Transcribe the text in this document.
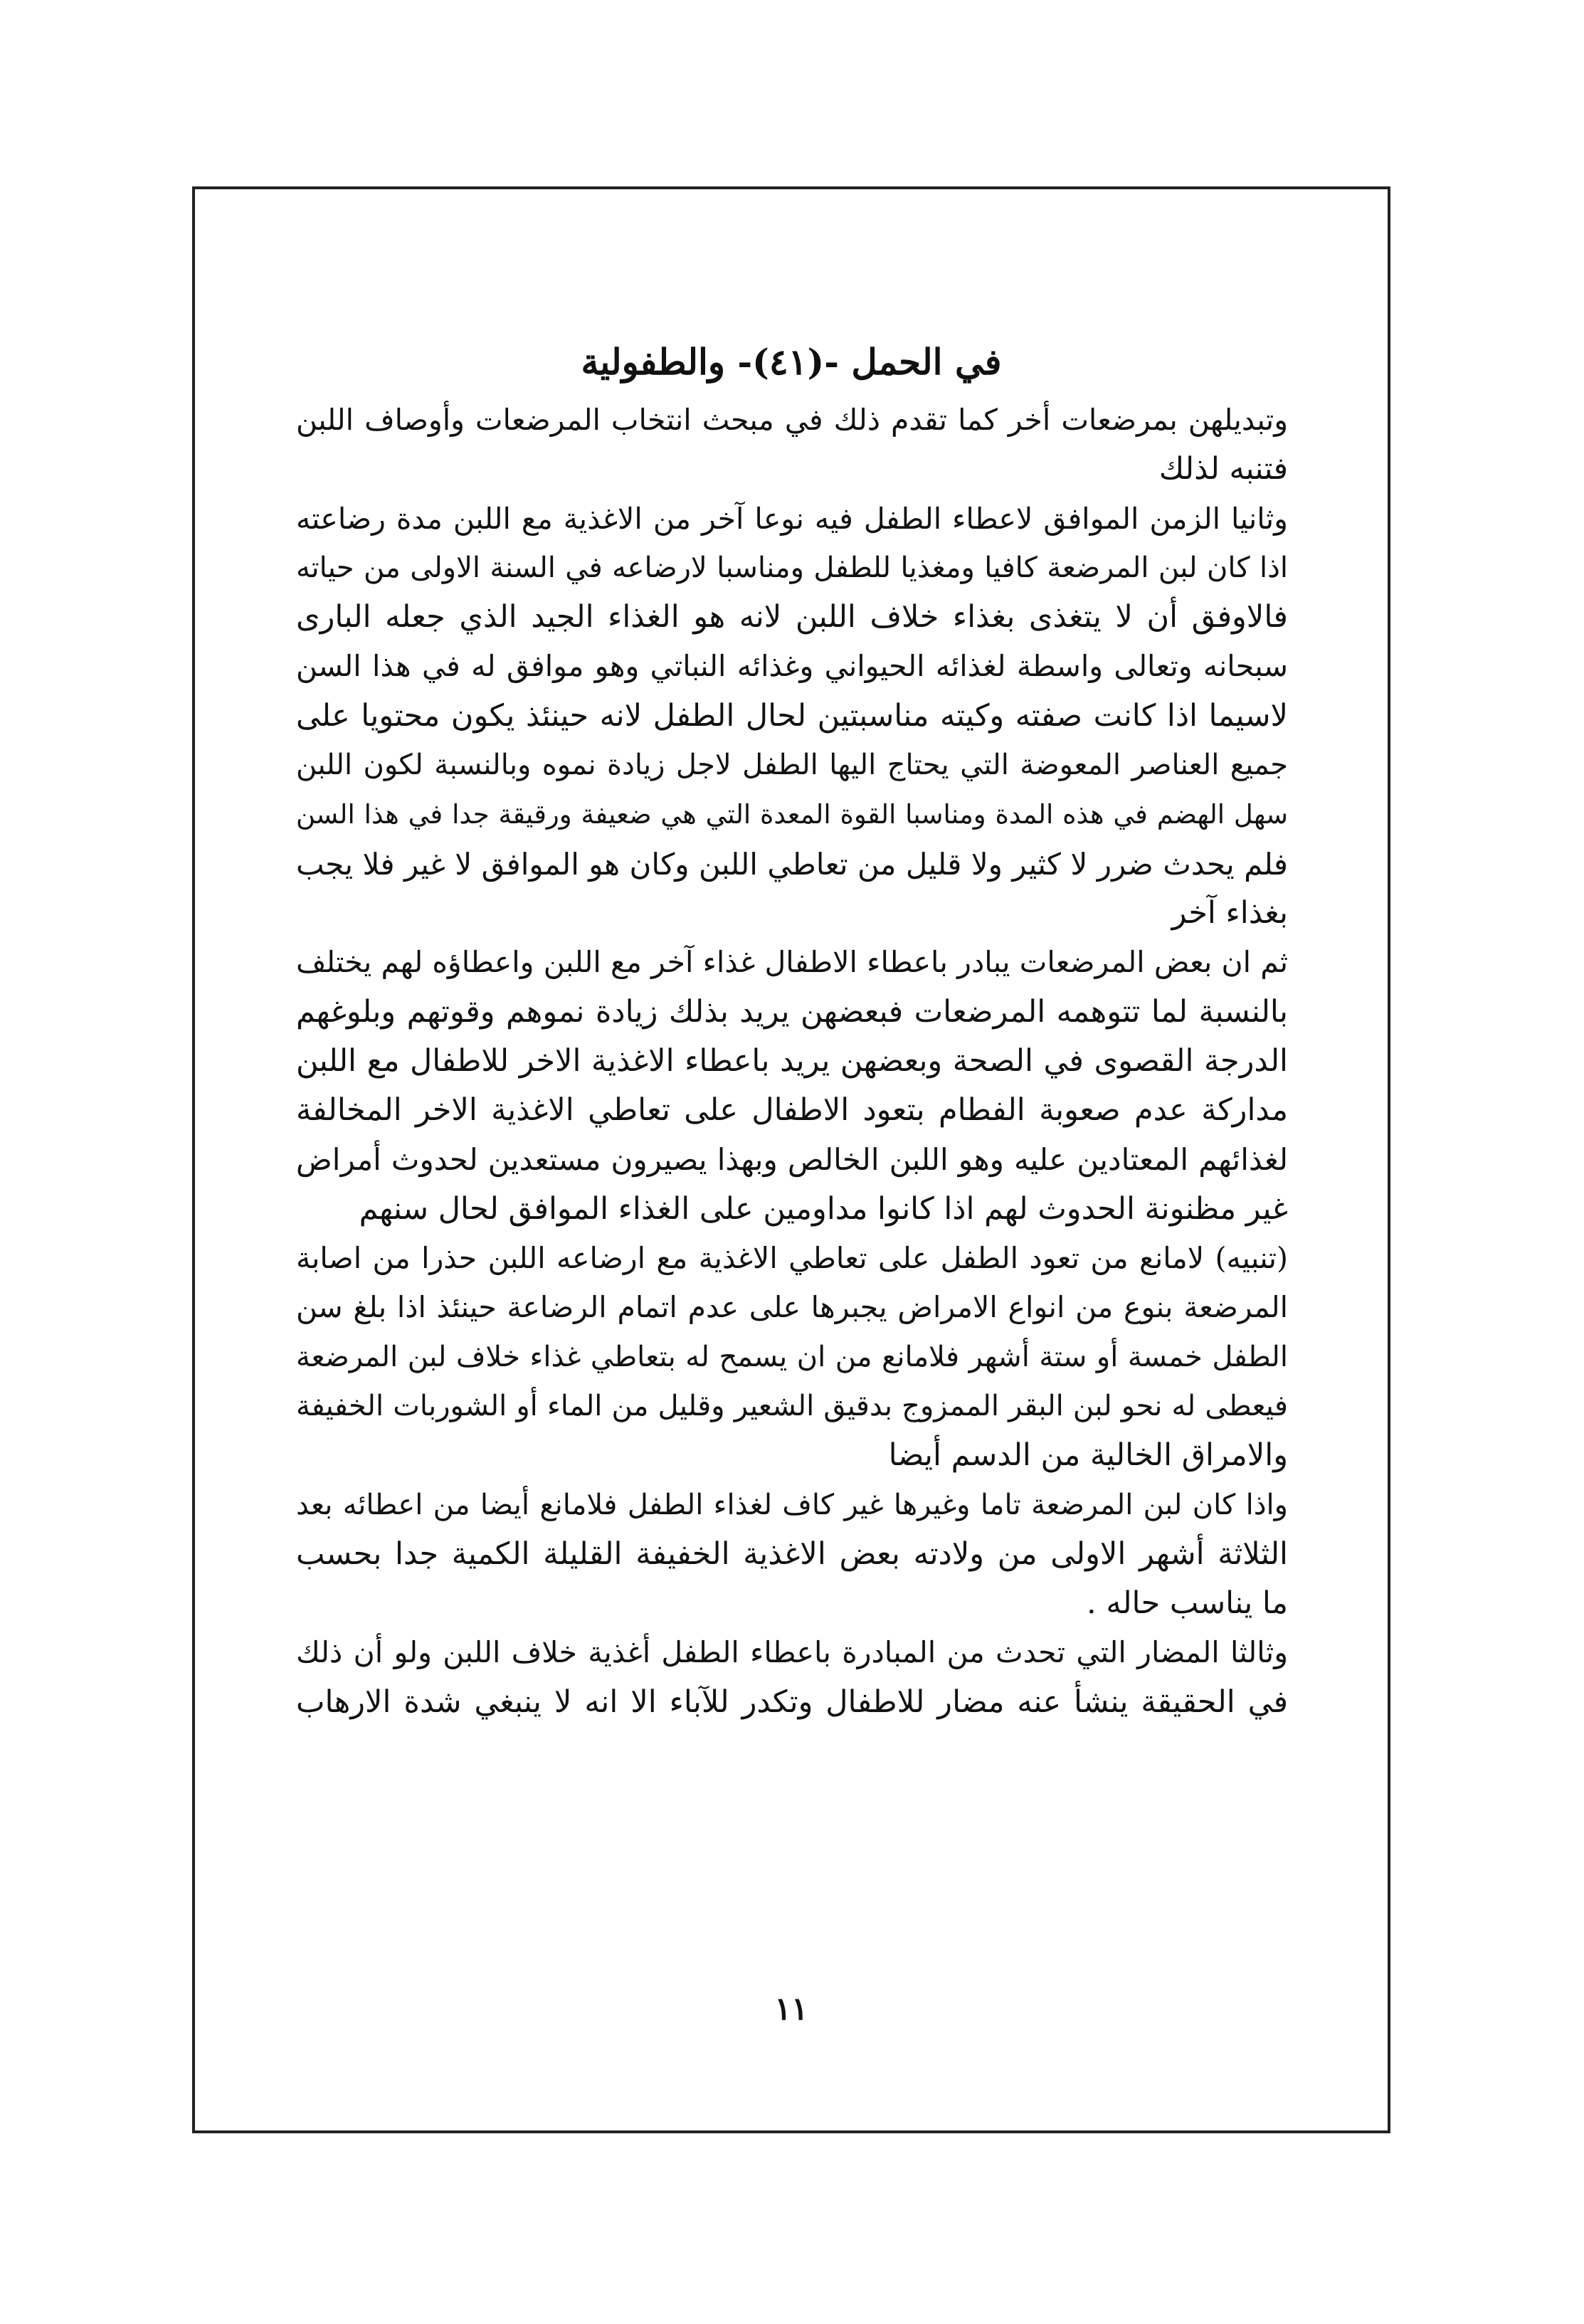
في الحمل -(٤١)- والطفولية
وتبديلهن بمرضعات أخر كما تقدم ذلك في مبحث انتخاب المرضعات وأوصاف اللبن
فتنبه لذلك
وثانيا الزمن الموافق لاعطاء الطفل فيه نوعا آخر من الاغذية مع اللبن مدة رضاعته
اذا كان لبن المرضعة كافيا ومغذيا للطفل ومناسبا لارضاعه في السنة الاولى من حياته
فالاوفق أن لا يتغذى بغذاء خلاف اللبن لانه هو الغذاء الجيد الذي جعله البارى
سبحانه وتعالى واسطة لغذائه الحيواني وغذائه النباتي وهو موافق له في هذا السن
لاسيما اذا كانت صفته وكيته مناسبتين لحال الطفل لانه حينئذ يكون محتويا على
جميع العناصر المعوضة التي يحتاج اليها الطفل لاجل زيادة نموه وبالنسبة لكون اللبن
سهل الهضم في هذه المدة ومناسبا القوة المعدة التي هي ضعيفة ورقيقة جدا في هذا السن
فلم يحدث ضرر لا كثير ولا قليل من تعاطي اللبن وكان هو الموافق لا غير فلا يجب
بغذاء آخر
ثم ان بعض المرضعات يبادر باعطاء الاطفال غذاء آخر مع اللبن واعطاؤه لهم يختلف
بالنسبة لما تتوهمه المرضعات فبعضهن يريد بذلك زيادة نموهم وقوتهم وبلوغهم
الدرجة القصوى في الصحة وبعضهن يريد باعطاء الاغذية الاخر للاطفال مع اللبن
مداركة عدم صعوبة الفطام بتعود الاطفال على تعاطي الاغذية الاخر المخالفة
لغذائهم المعتادين عليه وهو اللبن الخالص وبهذا يصيرون مستعدين لحدوث أمراض
غير مظنونة الحدوث لهم اذا كانوا مداومين على الغذاء الموافق لحال سنهم
(تنبيه) لامانع من تعود الطفل على تعاطي الاغذية مع ارضاعه اللبن حذرا من اصابة
المرضعة بنوع من انواع الامراض يجبرها على عدم اتمام الرضاعة حينئذ اذا بلغ سن
الطفل خمسة أو ستة أشهر فلامانع من ان يسمح له بتعاطي غذاء خلاف لبن المرضعة
فيعطى له نحو لبن البقر الممزوج بدقيق الشعير وقليل من الماء أو الشوربات الخفيفة
والامراق الخالية من الدسم أيضا
واذا كان لبن المرضعة تاما وغيرها غير كاف لغذاء الطفل فلامانع أيضا من اعطائه بعد
الثلاثة أشهر الاولى من ولادته بعض الاغذية الخفيفة القليلة الكمية جدا بحسب
ما يناسب حاله .
وثالثا المضار التي تحدث من المبادرة باعطاء الطفل أغذية خلاف اللبن ولو أن ذلك
في الحقيقة ينشأ عنه مضار للاطفال وتكدر للآباء الا انه لا ينبغي شدة الارهاب
١١
